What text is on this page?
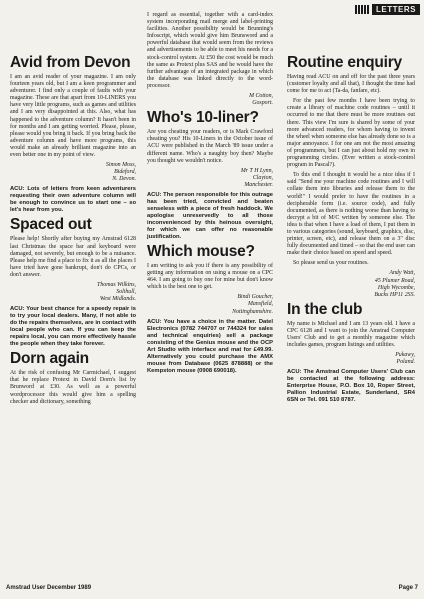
LETTERS
Avid from Devon

I am an avid reader of your magazine. I am only fourteen years old, but I am a keen programmer and adventurer. I find only a couple of faults with your magazine. These are that apart from 10-LINERS you have very little programs, such as games and utilities and I am very disappointed at this. Also, what has happened to the adventure column? It hasn't been in for months and I am getting worried. Please, please, please would you bring it back. If you bring back the adventure column and have more programs, this would make an already brilliant magazine into an even better one in my point of view.

Simon Moss,
Bideford,
N. Devon.

ACU: Lots of letters from keen adventurers requesting their own adventure column will be enough to convince us to start one – so let's hear from you.

Spaced out

Please help! Shortly after buying my Amstrad 6128 last Christmas the space bar and keyboard were damaged, not severely, but enough to be a nuisance. Please help me find a place to fix it as all the places I have tried have gone bankrupt, don't do CPCs, or don't answer.

Thomas Wilkins,
Solihull,
West Midlands.

ACU: Your best chance for a speedy repair is to try your local dealers. Many, if not able to do the repairs themselves, are in contact with local people who can. If you can keep the repairs local, you can more effectively hassle the people when they take forever.

Dorn again

At the risk of confusing Mr Carmichael, I suggest that he replace Protext in David Dorn's list by Brunword at £30. As well as a powerful wordprocessor this would give him a spelling checker and dictionary, something

I regard as essential, together with a card-index system incorporating mail merge and label-printing facilities. Another possibility would be Brunning's Infoscript, which would give him Brunsword and a powerful database that would seem from the reviews and advertisements to be able to meet his needs for a stock-control system. At £50 the cost would be much the same as Protext plus SAS and he would have the further advantage of an integrated package in which the database was linked directly to the word-processor.

M Cotton,
Gosport.
Who's 10-liner?

Are you cheating your readers, or is Mark Crawford cheating you? His 10-Liners in the October issue of ACU were published in the March '89 issue under a different name. Who's a naughty boy then? Maybe you thought we wouldn't notice.

Mr T H Lynn,
Clayton,
Manchester.

ACU: The person responsible for this outrage has been tried, convicted and beaten senseless with a piece of fresh haddock. We apologise unreservedly to all those inconvenienced by this heinous oversight, for which we can offer no reasonable justification.

Which mouse?

I am writing to ask you if there is any possibility of getting any information on using a mouse on a CPC 464. I am going to buy one for mine but don't know which is the best one to get.

Bindi Goucher,
Mansfield,
Nottinghamshire.

ACU: You have a choice in the matter. Datel Electronics (0782 744707 or 744324 for sales and technical enquiries) sell a package consisting of the Genius mouse and the OCP Art Studio with interface and mat for £49.99. Alternatively you could purchase the AMX mouse from Database (0625 878888) or the Kempston mouse (0908 690018).

Routine enquiry

Having read ACU on and off for the past three years (customer loyalty and all that), I thought the time had come for me to act (Ta-da, fanfare, etc).

For the past few months I have been trying to create a library of machine code routines – until it occurred to me that there must be more routines out there. This view I'm sure is shared by some of your more advanced readers, for whom having to invent the wheel when someone else has already done so is a major annoyance. I for one am not the most amazing of programmers, but I can just about hold my own in programming circles. (Ever written a stock-control program in Pascal?).

To this end I thought it would be a nice idea if I said "Send me your machine code routines and I will collate them into libraries and release them to the world!" I would prefer to have the routines in a decipherable form (i.e. source code), and fully documented, as there is nothing worse than having to decrypt a bit of M/C written by someone else. The idea is that when I have a load of them, I put them in to various categories (sound, keyboard, graphics, disc, printer, screen, etc), and release them on a 3" disc fully documented and timed – so that the end user can make their choice based on speed and speed.

So please send us your routines.

Andy Watt,
45 Plumer Road,
High Wycombe,
Bucks HP11 2SS.
In the club

My name is Michael and I am 13 years old. I have a CPC 6128 and I want to join the Amstrad Computer Users' Club and to get a monthly magazine which includes games, program listings and utilities.

Pukawy,
Poland.

ACU: The Amstrad Computer Users' Club can be contacted at the following address: Enterprise House, P.O. Box 10, Roper Street, Pallion Industrial Estate, Sunderland, SR4 6SN or Tel. 091 510 8787.

Amstrad User December 1989	Page 7
